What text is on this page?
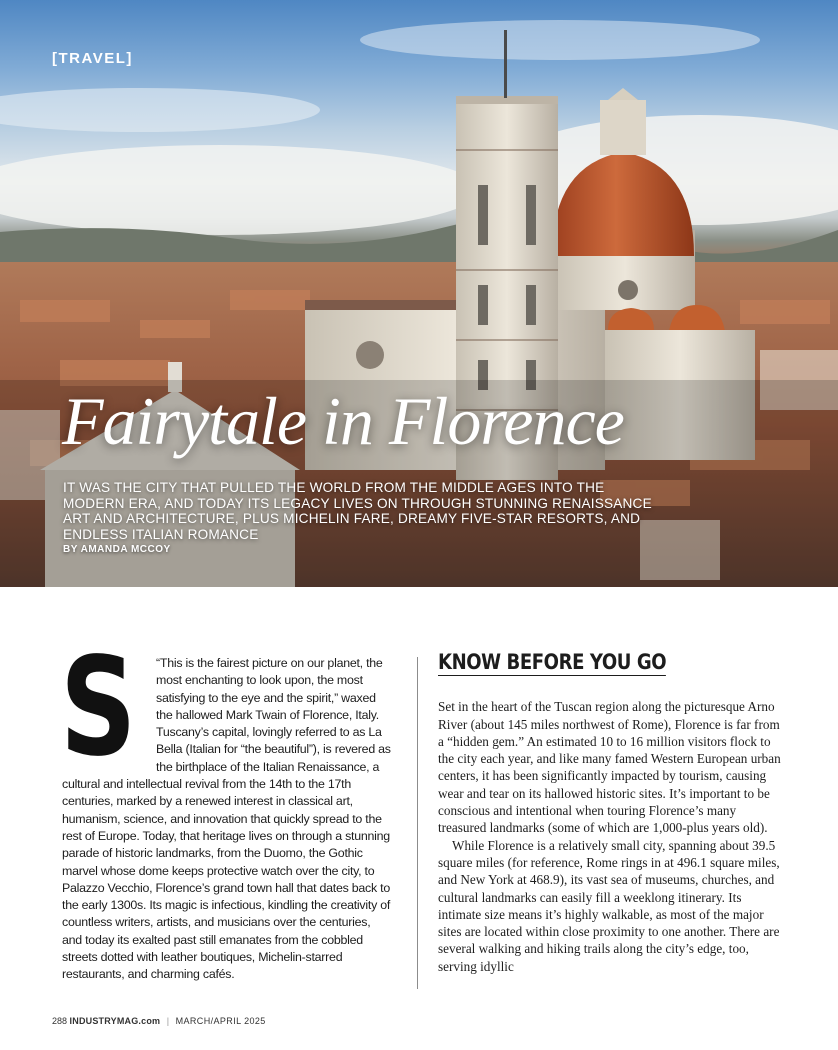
[TRAVEL]
Fairytale in Florence
IT WAS THE CITY THAT PULLED THE WORLD FROM THE MIDDLE AGES INTO THE MODERN ERA, AND TODAY ITS LEGACY LIVES ON THROUGH STUNNING RENAISSANCE ART AND ARCHITECTURE, PLUS MICHELIN FARE, DREAMY FIVE-STAR RESORTS, AND ENDLESS ITALIAN ROMANCE
BY AMANDA MCCOY
S	“This is the fairest picture on our planet, the most enchanting to look upon, the most satisfying to the eye and the spirit,” waxed the hallowed Mark Twain of Florence, Italy. Tuscany’s capital, lovingly referred to as La Bella (Italian for “the beautiful”), is revered as the birthplace of the Italian Renaissance, a cultural and intellectual revival from the 14th to the 17th centuries, marked by a renewed interest in classical art, humanism, science, and innovation that quickly spread to the rest of Europe. Today, that heritage lives on through a stunning parade of historic landmarks, from the Duomo, the Gothic marvel whose dome keeps protective watch over the city, to Palazzo Vecchio, Florence’s grand town hall that dates back to the early 1300s. Its magic is infectious, kindling the creativity of countless writers, artists, and musicians over the centuries, and today its exalted past still emanates from the cobbled streets dotted with leather boutiques, Michelin-starred restaurants, and charming cafés.

KNOW BEFORE YOU GO

Set in the heart of the Tuscan region along the picturesque Arno River (about 145 miles northwest of Rome), Florence is far from a “hidden gem.” An estimated 10 to 16 million visitors flock to the city each year, and like many famed Western European urban centers, it has been significantly impacted by tourism, causing wear and tear on its hallowed historic sites. It’s important to be conscious and intentional when touring Florence’s many treasured landmarks (some of which are 1,000-plus years old).

While Florence is a relatively small city, spanning about 39.5 square miles (for reference, Rome rings in at 496.1 square miles, and New York at 468.9), its vast sea of museums, churches, and cultural landmarks can easily fill a weeklong itinerary. Its intimate size means it’s highly walkable, as most of the major sites are located within close proximity to one another. There are several walking and hiking trails along the city’s edge, too, serving idyllic

288 INDUSTRYMAG.com | MARCH/APRIL 2025
